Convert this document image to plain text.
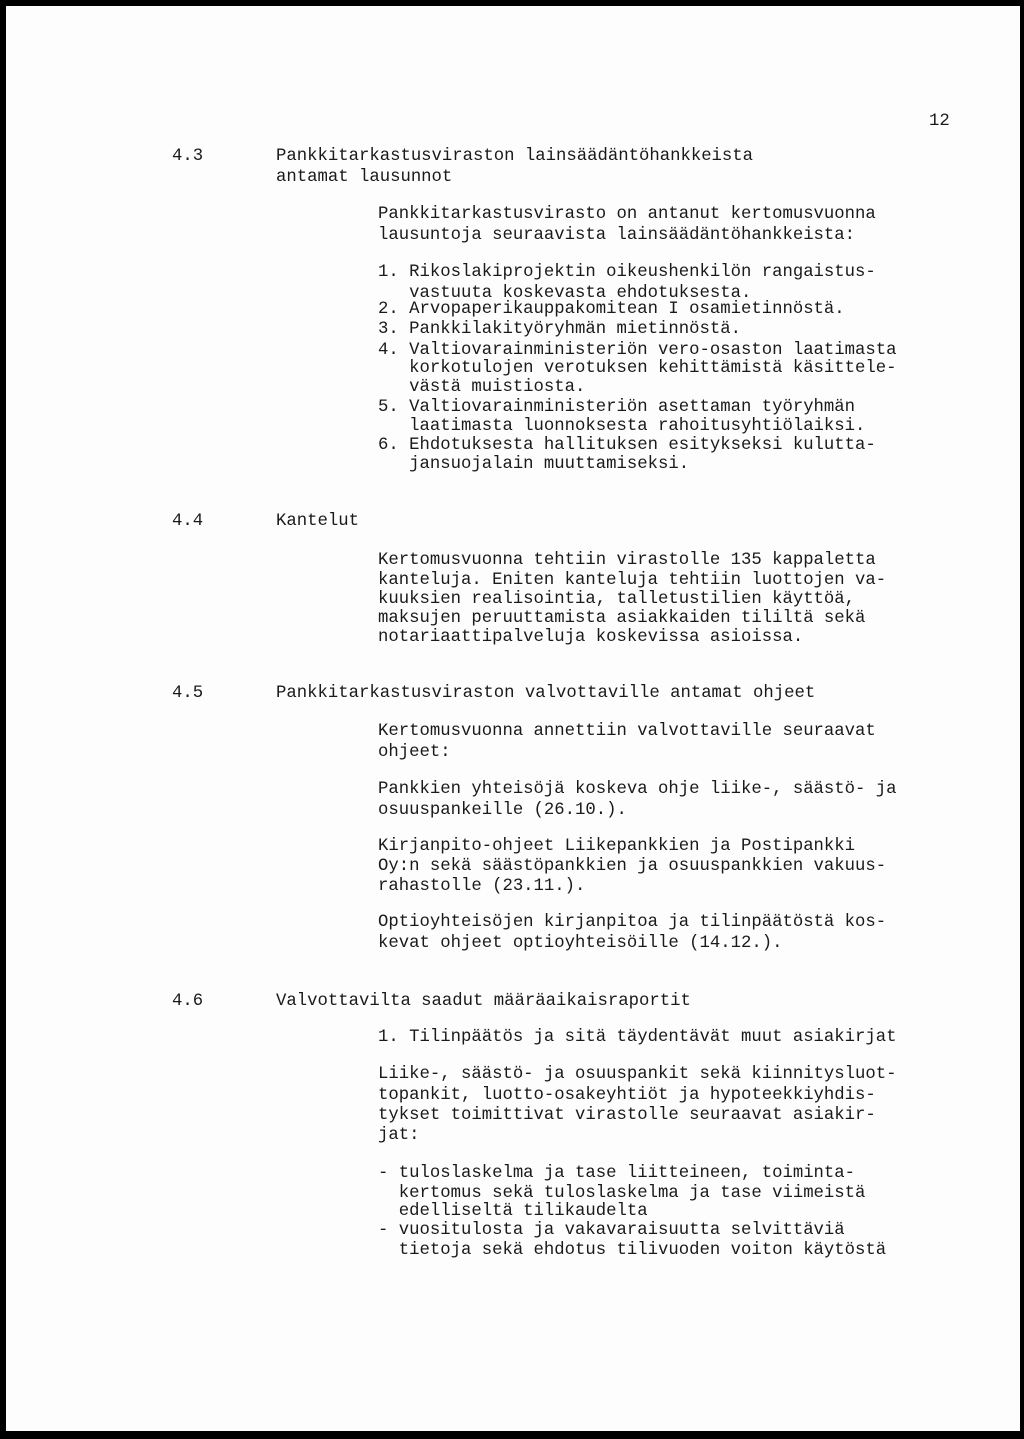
12
4.3	Pankkitarkastusviraston lainsäädäntöhankkeista
antamat lausunnot
Pankkitarkastusvirasto on antanut kertomusvuonna
lausuntoja seuraavista lainsäädäntöhankkeista:
1. Rikoslakiprojektin oikeushenkilön rangaistus-
vastuuta koskevasta ehdotuksesta.
2. Arvopaperikauppakomitean I osamietinnöstä.
3. Pankkilakityöryhmän mietinnöstä.
4. Valtiovarainministeriön vero-osaston laatimasta
korkotulojen verotuksen kehittämistä käsittele-
västä muistiosta.
5. Valtiovarainministeriön asettaman työryhmän
laatimasta luonnoksesta rahoitusyhtiölaiksi.
6. Ehdotuksesta hallituksen esitykseksi kulutta-
jansuojalain muuttamiseksi.
4.4	Kantelut
Kertomusvuonna tehtiin virastolle 135 kappaletta
kanteluja. Eniten kanteluja tehtiin luottojen va-
kuuksien realisointia, talletustilien käyttöä,
maksujen peruuttamista asiakkaiden tililtä sekä
notariaattipalveluja koskevissa asioissa.
4.5	Pankkitarkastusviraston valvottaville antamat ohjeet
Kertomusvuonna annettiin valvottaville seuraavat
ohjeet:
Pankkien yhteisöjä koskeva ohje liike-, säästö- ja
osuuspankeille (26.10.).
Kirjanpito-ohjeet Liikepankkien ja Postipankki
Oy:n sekä säästöpankkien ja osuuspankkien vakuus-
rahastolle (23.11.).
Optioyhteisöjen kirjanpitoa ja tilinpäätöstä kos-
kevat ohjeet optioyhteisöille (14.12.).
4.6	Valvottavilta saadut määräaikaisraportit
1. Tilinpäätös ja sitä täydentävät muut asiakirjat
Liike-, säästö- ja osuuspankit sekä kiinnitysluot-
topankit, luotto-osakeyhtiöt ja hypoteekkiyhdis-
tykset toimittivat virastolle seuraavat asiakir-
jat:
- tuloslaskelma ja tase liitteineen, toiminta-
kertomus sekä tuloslaskelma ja tase viimeistä
edelliseltä tilikaudelta
- vuositulosta ja vakavaraisuutta selvittäviä
tietoja sekä ehdotus tilivuoden voiton käytöstä
